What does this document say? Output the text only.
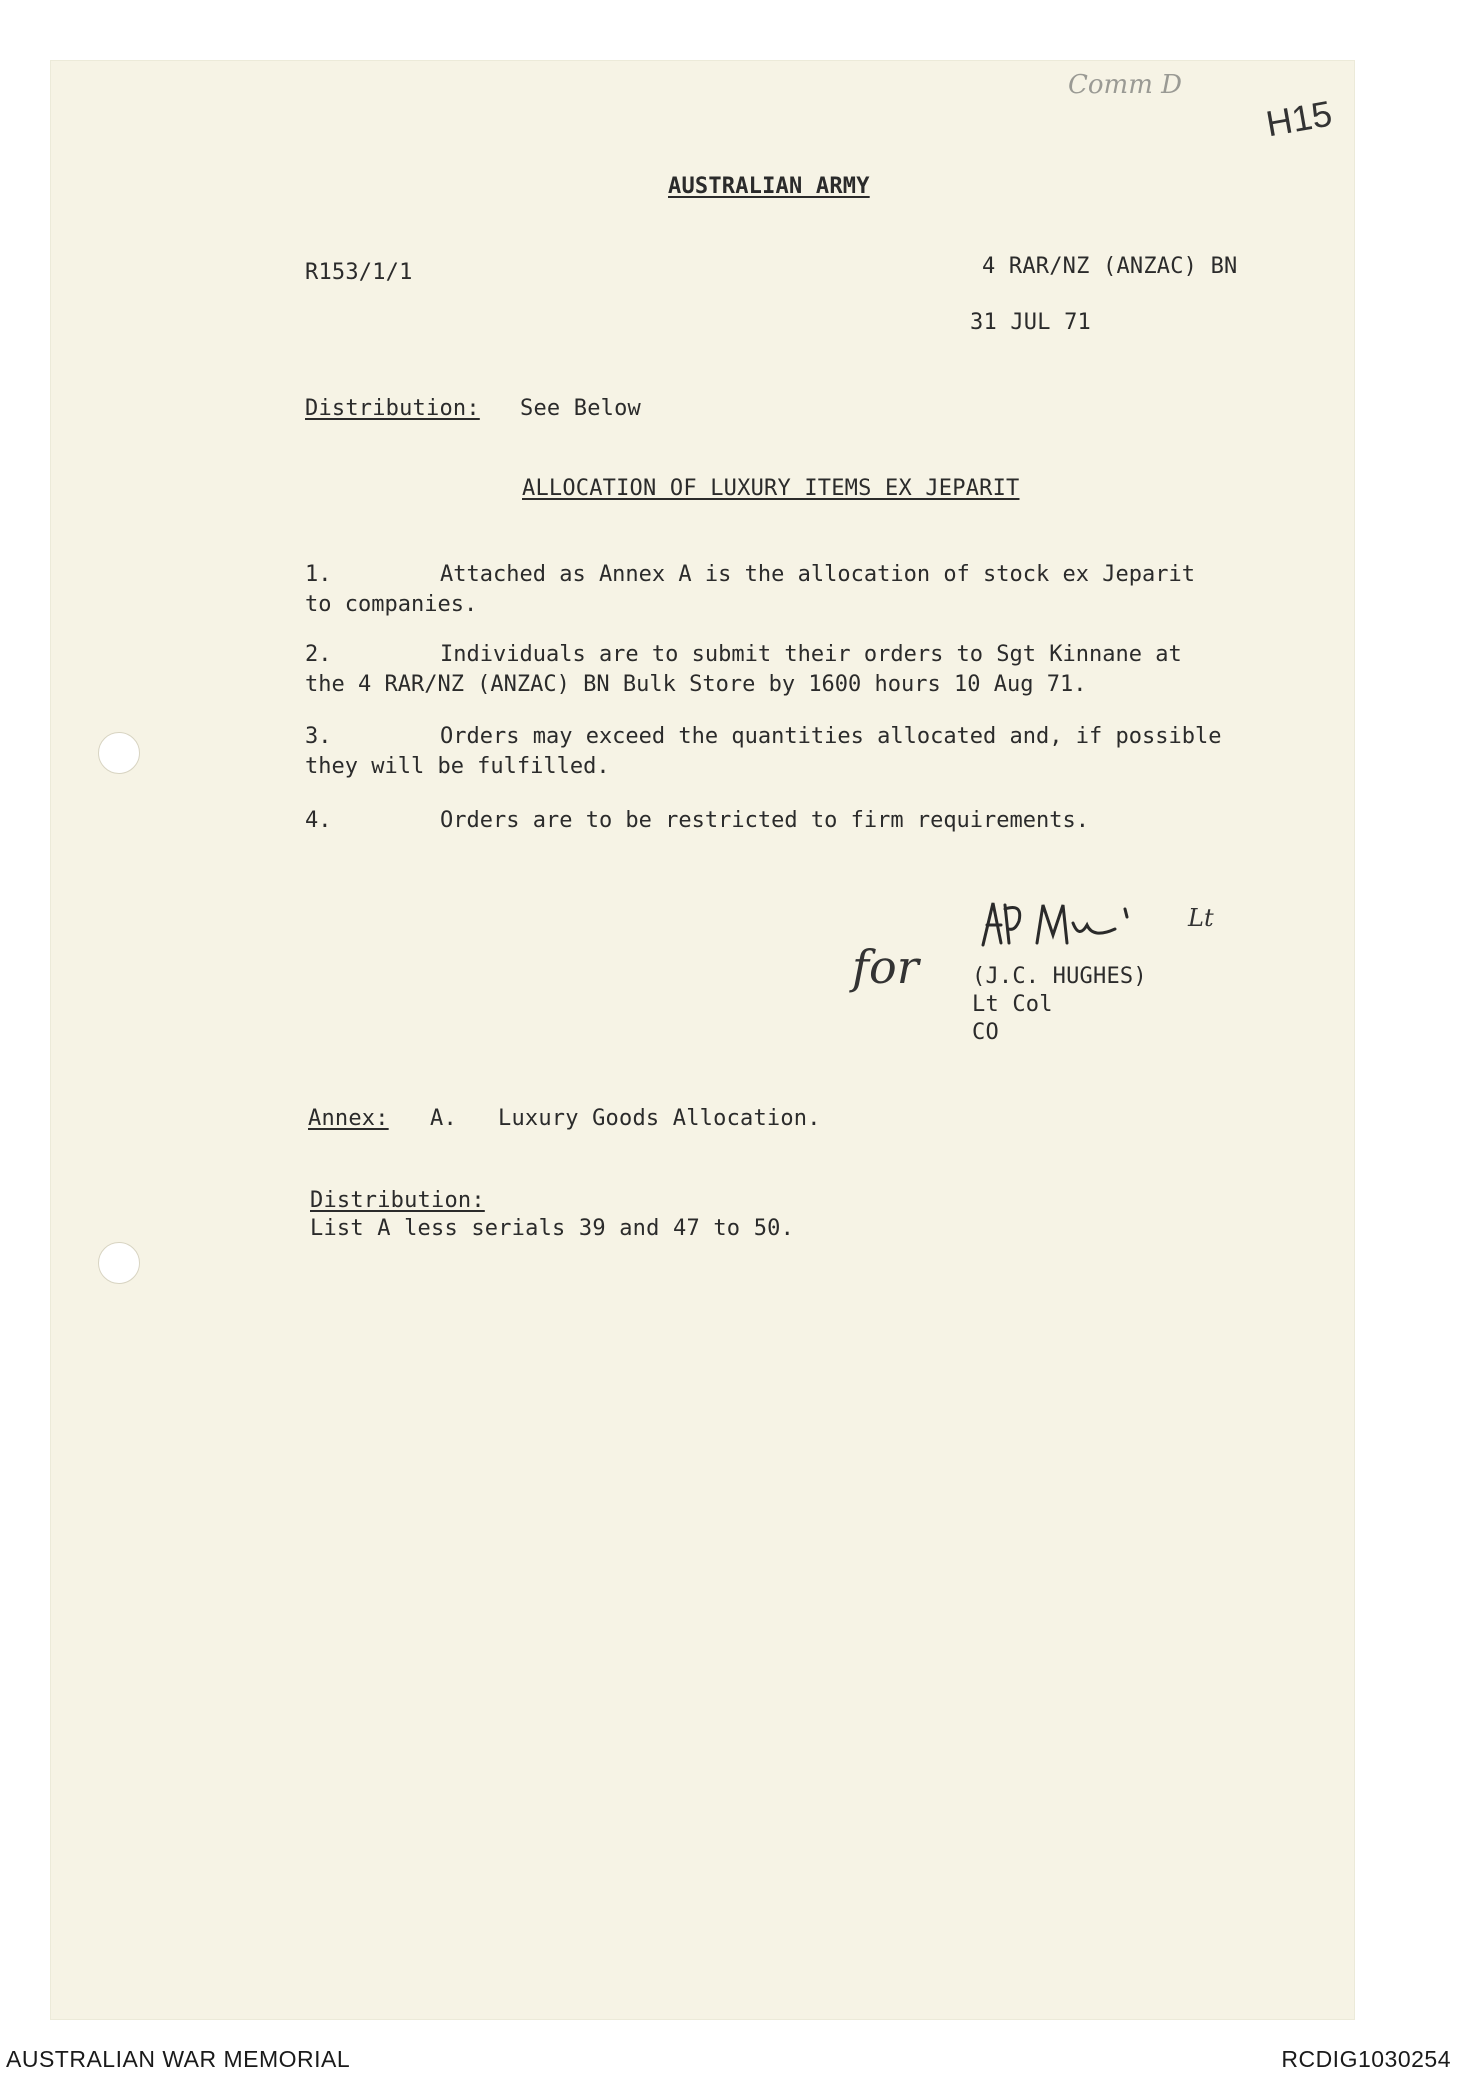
Comm D
H15
AUSTRALIAN ARMY
R153/1/1	4 RAR/NZ (ANZAC) BN
31 JUL 71
Distribution: See Below
ALLOCATION OF LUXURY ITEMS EX JEPARIT
1.	Attached as Annex A is the allocation of stock ex Jeparit
to companies.
2.	Individuals are to submit their orders to Sgt Kinnane at
the 4 RAR/NZ (ANZAC) BN Bulk Store by 1600 hours 10 Aug 71.
3.	Orders may exceed the quantities allocated and, if possible
they will be fulfilled.
4.	Orders are to be restricted to firm requirements.
Lt
for (J.C. HUGHES)
Lt Col
CO
Annex: A. Luxury Goods Allocation.
Distribution:
List A less serials 39 and 47 to 50.
AUSTRALIAN WAR MEMORIAL	RCDIG1030254
